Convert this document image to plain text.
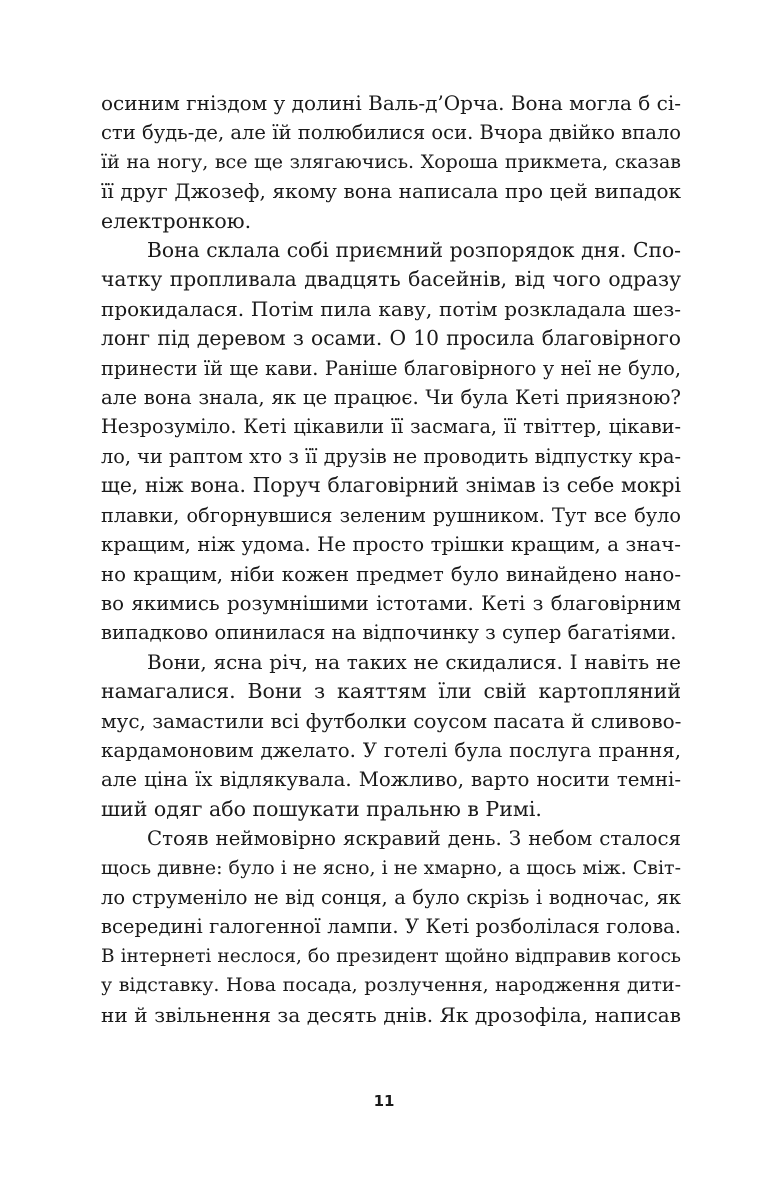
осиним гніздом у долині Валь-д’Орча. Вона могла б сі-
сти будь-де, але їй полюбилися оси. Вчора двійко впало
їй на ногу, все ще злягаючись. Хороша прикмета, сказав
її друг Джозеф, якому вона написала про цей випадок
електронкою.
Вона склала собі приємний розпорядок дня. Спо-
чатку пропливала двадцять басейнів, від чого одразу
прокидалася. Потім пила каву, потім розкладала шез-
лонг під деревом з осами. О 10 просила благовірного
принести їй ще кави. Раніше благовірного у неї не було,
але вона знала, як це працює. Чи була Кеті приязною?
Незрозуміло. Кеті цікавили її засмага, її твіттер, цікави-
ло, чи раптом хто з її друзів не проводить відпустку кра-
ще, ніж вона. Поруч благовірний знімав із себе мокрі
плавки, обгорнувшися зеленим рушником. Тут все було
кращим, ніж удома. Не просто трішки кращим, а знач-
но кращим, ніби кожен предмет було винайдено нано-
во якимись розумнішими істотами. Кеті з благовірним
випадково опинилася на відпочинку з супер багатіями.
Вони, ясна річ, на таких не скидалися. І навіть не
намагалися. Вони з каяттям їли свій картопляний
мус, замастили всі футболки соусом пасата й сливово-
кардамоновим джелато. У готелі була послуга прання,
але ціна їх відлякувала. Можливо, варто носити темні-
ший одяг або пошукати пральню в Римі.
Стояв неймовірно яскравий день. З небом сталося
щось дивне: було і не ясно, і не хмарно, а щось між. Світ-
ло струменіло не від сонця, а було скрізь і водночас, як
всередині галогенної лампи. У Кеті розболілася голова.
В інтернеті неслося, бо президент щойно відправив когось
у відставку. Нова посада, розлучення, народження дити-
ни й звільнення за десять днів. Як дрозофіла, написав
11
